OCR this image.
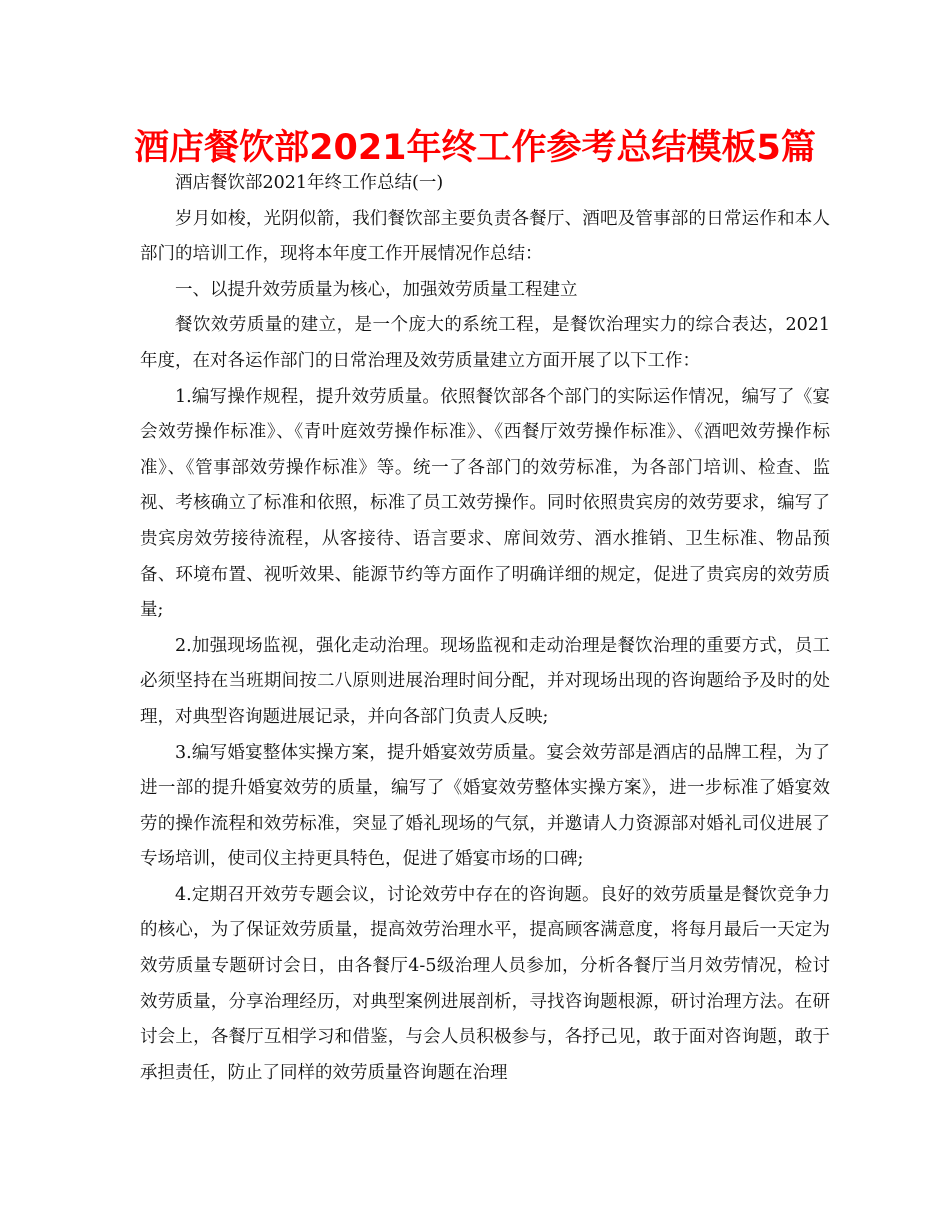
酒店餐饮部2021年终工作参考总结模板5篇

酒店餐饮部2021年终工作总结(一)

岁月如梭，光阴似箭，我们餐饮部主要负责各餐厅、酒吧及管事部的日常运作和本人部门的培训工作，现将本年度工作开展情况作总结：

一、以提升效劳质量为核心，加强效劳质量工程建立

餐饮效劳质量的建立，是一个庞大的系统工程，是餐饮治理实力的综合表达，2021年度，在对各运作部门的日常治理及效劳质量建立方面开展了以下工作：

1.编写操作规程，提升效劳质量。依照餐饮部各个部门的实际运作情况，编写了《宴会效劳操作标准》、《青叶庭效劳操作标准》、《西餐厅效劳操作标准》、《酒吧效劳操作标准》、《管事部效劳操作标准》等。统一了各部门的效劳标准，为各部门培训、检查、监视、考核确立了标准和依照，标准了员工效劳操作。同时依照贵宾房的效劳要求，编写了贵宾房效劳接待流程，从客接待、语言要求、席间效劳、酒水推销、卫生标准、物品预备、环境布置、视听效果、能源节约等方面作了明确详细的规定，促进了贵宾房的效劳质量;

2.加强现场监视，强化走动治理。现场监视和走动治理是餐饮治理的重要方式，员工必须坚持在当班期间按二八原则进展治理时间分配，并对现场出现的咨询题给予及时的处理，对典型咨询题进展记录，并向各部门负责人反映;

3.编写婚宴整体实操方案，提升婚宴效劳质量。宴会效劳部是酒店的品牌工程，为了进一部的提升婚宴效劳的质量，编写了《婚宴效劳整体实操方案》，进一步标准了婚宴效劳的操作流程和效劳标准，突显了婚礼现场的气氛，并邀请人力资源部对婚礼司仪进展了专场培训，使司仪主持更具特色，促进了婚宴市场的口碑;

4.定期召开效劳专题会议，讨论效劳中存在的咨询题。良好的效劳质量是餐饮竞争力的核心，为了保证效劳质量，提高效劳治理水平，提高顾客满意度，将每月最后一天定为效劳质量专题研讨会日，由各餐厅4-5级治理人员参加，分析各餐厅当月效劳情况，检讨效劳质量，分享治理经历，对典型案例进展剖析，寻找咨询题根源，研讨治理方法。在研讨会上，各餐厅互相学习和借鉴，与会人员积极参与，各抒己见，敢于面对咨询题，敢于承担责任，防止了同样的效劳质量咨询题在治理
